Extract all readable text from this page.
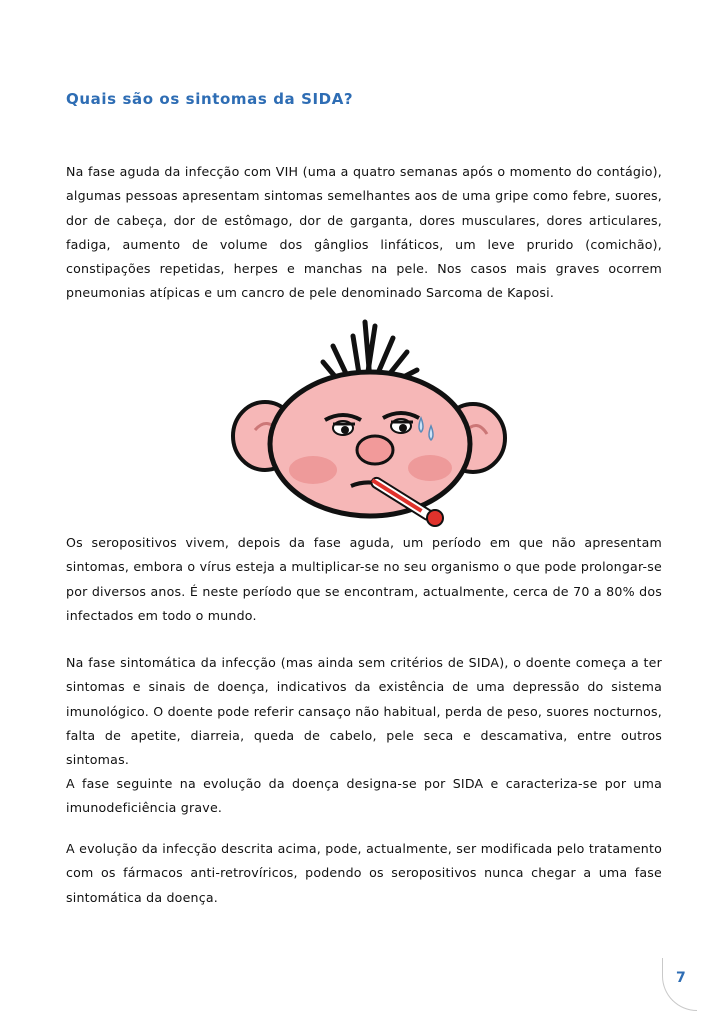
Quais são os sintomas da SIDA?

Na fase aguda da infecção com VIH (uma a quatro semanas após o momento do contágio), algumas pessoas apresentam sintomas semelhantes aos de uma gripe como febre, suores, dor de cabeça, dor de estômago, dor de garganta, dores musculares, dores articulares, fadiga, aumento de volume dos gânglios linfáticos, um leve prurido (comichão), constipações repetidas, herpes e manchas na pele. Nos casos mais graves ocorrem pneumonias atípicas e um cancro de pele denominado Sarcoma de Kaposi.

Os seropositivos vivem, depois da fase aguda, um período em que não apresentam sintomas, embora o vírus esteja a multiplicar-se no seu organismo o que pode prolongar-se por diversos anos. É neste período que se encontram, actualmente, cerca de 70 a 80% dos infectados em todo o mundo.

Na fase sintomática da infecção (mas ainda sem critérios de SIDA), o doente começa a ter sintomas e sinais de doença, indicativos da existência de uma depressão do sistema imunológico. O doente pode referir cansaço não habitual, perda de peso, suores nocturnos, falta de apetite, diarreia, queda de cabelo, pele seca e descamativa, entre outros sintomas.

A fase seguinte na evolução da doença designa-se por SIDA e caracteriza-se por uma imunodeficiência grave.

A evolução da infecção descrita acima, pode, actualmente, ser modificada pelo tratamento com os fármacos anti-retrovíricos, podendo os seropositivos nunca chegar a uma fase sintomática da doença.

7
